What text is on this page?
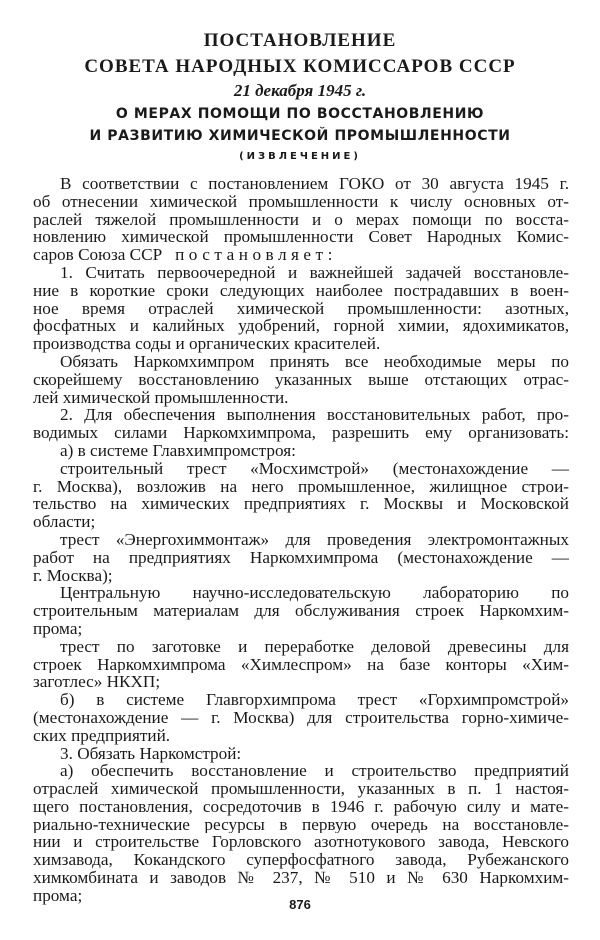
ПОСТАНОВЛЕНИЕ
СОВЕТА НАРОДНЫХ КОМИССАРОВ СССР
21 декабря 1945 г.
О МЕРАХ ПОМОЩИ ПО ВОССТАНОВЛЕНИЮ
И РАЗВИТИЮ ХИМИЧЕСКОЙ ПРОМЫШЛЕННОСТИ
(ИЗВЛЕЧЕНИЕ)
В соответствии с постановлением ГОКО от 30 августа 1945 г.
об отнесении химической промышленности к числу основных от-
раслей тяжелой промышленности и о мерах помощи по восста-
новлению химической промышленности Совет Народных Комис-
саров Союза ССР постановляет:
1. Считать первоочередной и важнейшей задачей восстановле-
ние в короткие сроки следующих наиболее пострадавших в воен-
ное время отраслей химической промышленности: азотных,
фосфатных и калийных удобрений, горной химии, ядохимикатов,
производства соды и органических красителей.
Обязать Наркомхимпром принять все необходимые меры по
скорейшему восстановлению указанных выше отстающих отрас-
лей химической промышленности.
2. Для обеспечения выполнения восстановительных работ, про-
водимых силами Наркомхимпрома, разрешить ему организовать:
а) в системе Главхимпромстроя:
строительный трест «Мосхимстрой» (местонахождение —
г. Москва), возложив на него промышленное, жилищное строи-
тельство на химических предприятиях г. Москвы и Московской
области;
трест «Энергохиммонтаж» для проведения электромонтажных
работ на предприятиях Наркомхимпрома (местонахождение —
г. Москва);
Центральную научно-исследовательскую лабораторию по
строительным материалам для обслуживания строек Наркомхим-
прома;
трест по заготовке и переработке деловой древесины для
строек Наркомхимпрома «Химлеспром» на базе конторы «Хим-
заготлес» НКХП;
б) в системе Главгорхимпрома трест «Горхимпромстрой»
(местонахождение — г. Москва) для строительства горно-химиче-
ских предприятий.
3. Обязать Наркомстрой:
а) обеспечить восстановление и строительство предприятий
отраслей химической промышленности, указанных в п. 1 настоя-
щего постановления, сосредоточив в 1946 г. рабочую силу и мате-
риально-технические ресурсы в первую очередь на восстановле-
нии и строительстве Горловского азотнотукового завода, Невского
химзавода, Кокандского суперфосфатного завода, Рубежанского
химкомбината и заводов № 237, № 510 и № 630 Наркомхим-
прома;	876
